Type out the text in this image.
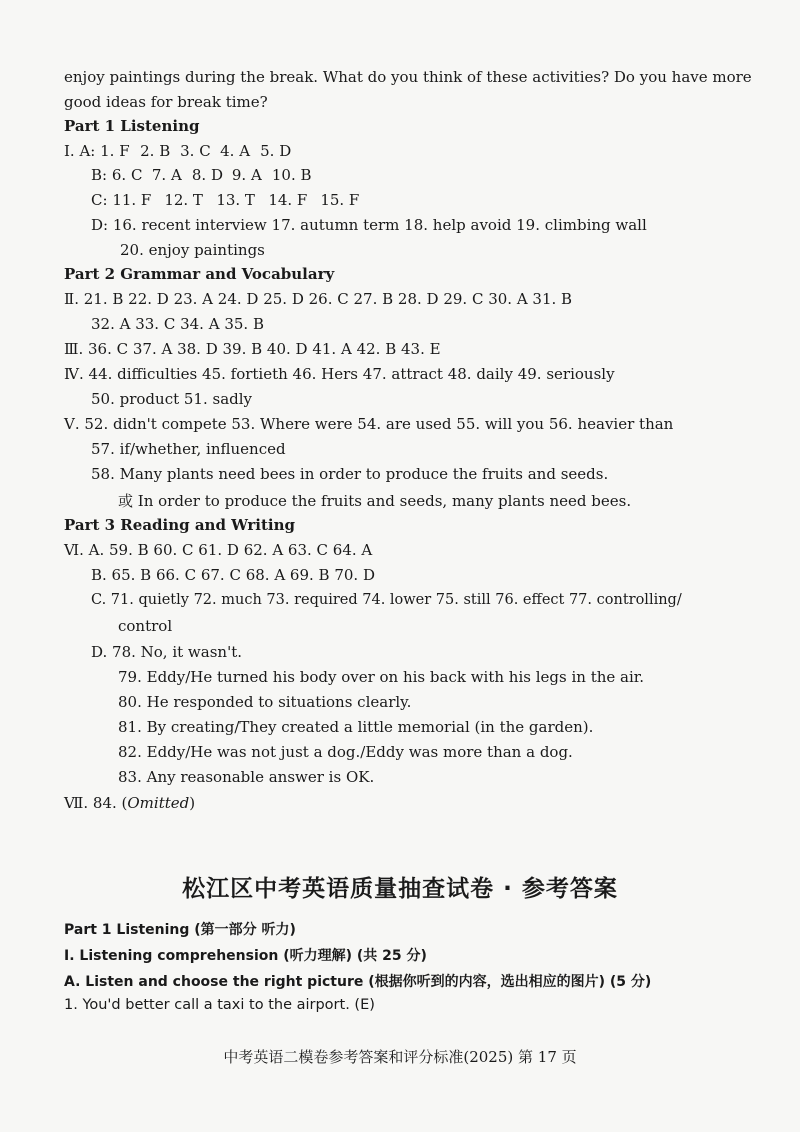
enjoy paintings during the break. What do you think of these activities? Do you have more
good ideas for break time?
Part 1 Listening
Ⅰ. A: 1. F 2. B 3. C 4. A 5. D
B: 6. C 7. A 8. D 9. A 10. B
C: 11. F 12. T 13. T 14. F 15. F
D: 16. recent interview 17. autumn term 18. help avoid 19. climbing wall
20. enjoy paintings
Part 2 Grammar and Vocabulary
Ⅱ. 21. B 22. D 23. A 24. D 25. D 26. C 27. B 28. D 29. C 30. A 31. B
32. A 33. C 34. A 35. B
Ⅲ. 36. C 37. A 38. D 39. B 40. D 41. A 42. B 43. E
Ⅳ. 44. difficulties 45. fortieth 46. Hers 47. attract 48. daily 49. seriously
50. product 51. sadly
Ⅴ. 52. didn't compete 53. Where were 54. are used 55. will you 56. heavier than
57. if/whether, influenced
58. Many plants need bees in order to produce the fruits and seeds.
或 In order to produce the fruits and seeds, many plants need bees.
Part 3 Reading and Writing
Ⅵ. A. 59. B 60. C 61. D 62. A 63. C 64. A
B. 65. B 66. C 67. C 68. A 69. B 70. D
C. 71. quietly 72. much 73. required 74. lower 75. still 76. effect 77. controlling/
control
D. 78. No, it wasn't.
79. Eddy/He turned his body over on his back with his legs in the air.
80. He responded to situations clearly.
81. By creating/They created a little memorial (in the garden).
82. Eddy/He was not just a dog./Eddy was more than a dog.
83. Any reasonable answer is OK.
Ⅶ. 84. (Omitted)
松江区中考英语质量抽查试卷 · 参考答案
Part 1 Listening (第一部分 听力)
Ⅰ. Listening comprehension (听力理解) (共 25 分)
A. Listen and choose the right picture (根据你听到的内容，选出相应的图片) (5 分)
1. You'd better call a taxi to the airport. (E)
中考英语二模卷参考答案和评分标准(2025) 第 17 页
